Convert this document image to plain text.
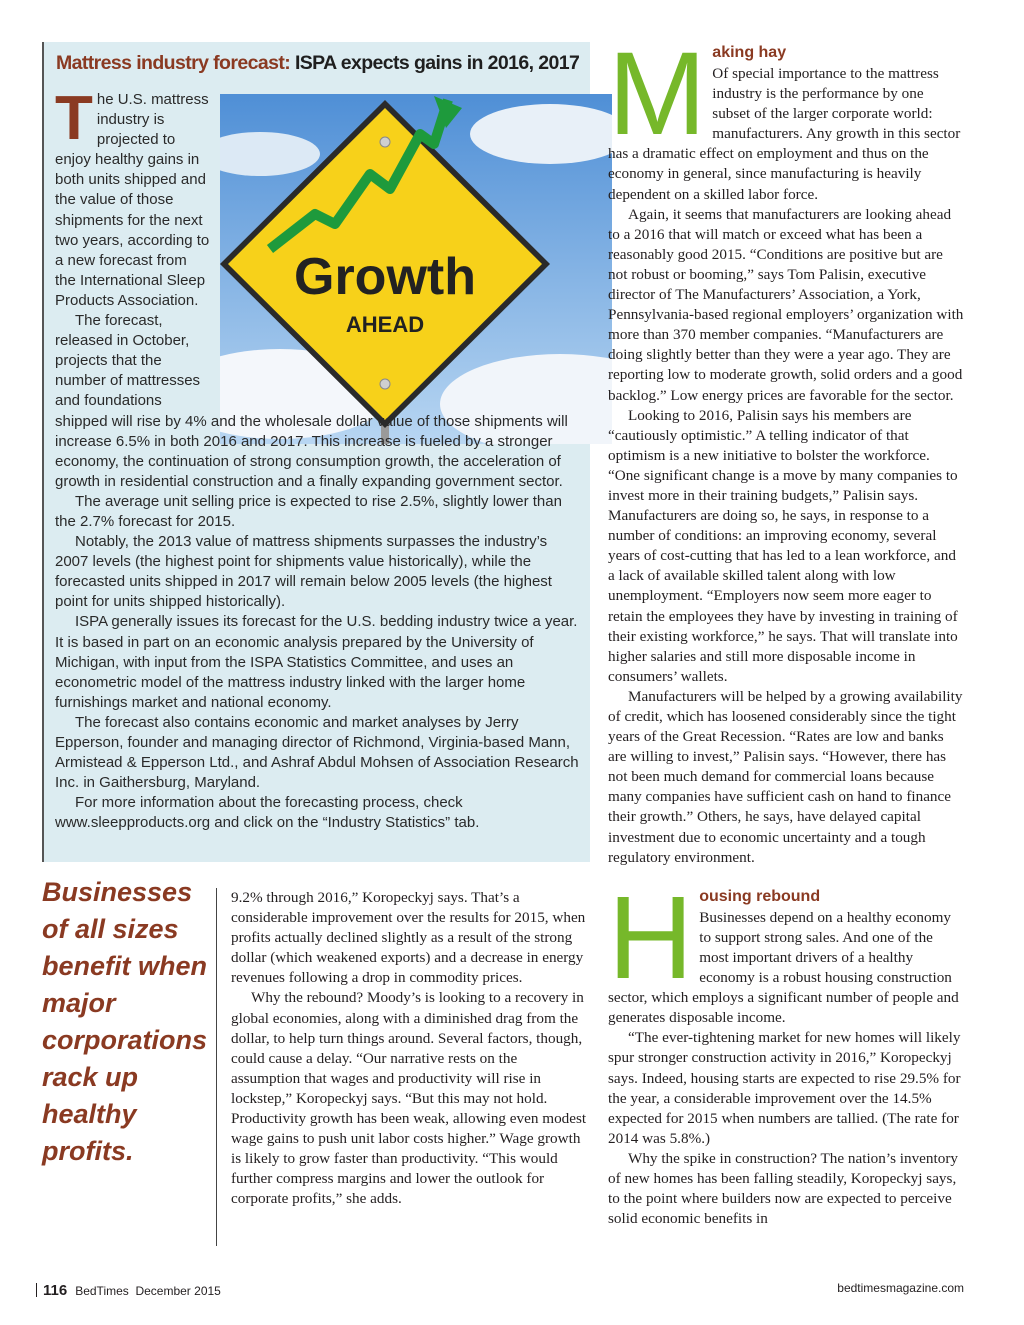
Mattress industry forecast: ISPA expects gains in 2016, 2017
Growth
AHEAD

The U.S. mattress industry is projected to enjoy healthy gains in both units shipped and the value of those shipments for the next two years, according to a new forecast from the International Sleep Products Association.

The forecast, released in October, projects that the number of mattresses and foundations shipped will rise by 4% and the wholesale dollar value of those shipments will increase 6.5% in both 2016 and 2017. This increase is fueled by a stronger economy, the continuation of strong consumption growth, the acceleration of growth in residential construction and a finally expanding government sector.

The average unit selling price is expected to rise 2.5%, slightly lower than the 2.7% forecast for 2015.

Notably, the 2013 value of mattress shipments surpasses the industry’s 2007 levels (the highest point for shipments value historically), while the forecasted units shipped in 2017 will remain below 2005 levels (the highest point for units shipped historically).

ISPA generally issues its forecast for the U.S. bedding industry twice a year. It is based in part on an economic analysis prepared by the University of Michigan, with input from the ISPA Statistics Committee, and uses an econometric model of the mattress industry linked with the larger home furnishings market and national economy.

The forecast also contains economic and market analyses by Jerry Epperson, founder and managing director of Richmond, Virginia-based Mann, Armistead & Epperson Ltd., and Ashraf Abdul Mohsen of Association Research Inc. in Gaithersburg, Maryland.

For more information about the forecasting process, check www.sleepproducts.org and click on the “Industry Statistics” tab.

Businesses of all sizes benefit when major corporations rack up healthy profits.

9.2% through 2016,” Koropeckyj says. That’s a considerable improvement over the results for 2015, when profits actually declined slightly as a result of the strong dollar (which weakened exports) and a decrease in energy revenues following a drop in commodity prices.

Why the rebound? Moody’s is looking to a recovery in global economies, along with a diminished drag from the dollar, to help turn things around. Several factors, though, could cause a delay. “Our narrative rests on the assumption that wages and productivity will rise in lockstep,” Koropeckyj says. “But this may not hold. Productivity growth has been weak, allowing even modest wage gains to push unit labor costs higher.” Wage growth is likely to grow faster than productivity. “This would further compress margins and lower the outlook for corporate profits,” she adds.

M aking hay

Of special importance to the mattress industry is the performance by one subset of the larger corporate world: manufacturers. Any growth in this sector has a dramatic effect on employment and thus on the economy in general, since manufacturing is heavily dependent on a skilled labor force.

Again, it seems that manufacturers are looking ahead to a 2016 that will match or exceed what has been a reasonably good 2015. “Conditions are positive but are not robust or booming,” says Tom Palisin, executive director of The Manufacturers’ Association, a York, Pennsylvania-based regional employers’ organization with more than 370 member companies. “Manufacturers are doing slightly better than they were a year ago. They are reporting low to moderate growth, solid orders and a good backlog.” Low energy prices are favorable for the sector.

Looking to 2016, Palisin says his members are “cautiously optimistic.” A telling indicator of that optimism is a new initiative to bolster the workforce. “One significant change is a move by many companies to invest more in their training budgets,” Palisin says. Manufacturers are doing so, he says, in response to a number of conditions: an improving economy, several years of cost-cutting that has led to a lean workforce, and a lack of available skilled talent along with low unemployment. “Employers now seem more eager to retain the employees they have by investing in training of their existing workforce,” he says. That will translate into higher salaries and still more disposable income in consumers’ wallets.

Manufacturers will be helped by a growing availability of credit, which has loosened considerably since the tight years of the Great Recession. “Rates are low and banks are willing to invest,” Palisin says. “However, there has not been much demand for commercial loans because many companies have sufficient cash on hand to finance their growth.” Others, he says, have delayed capital investment due to economic uncertainty and a tough regulatory environment.

H ousing rebound

Businesses depend on a healthy economy to support strong sales. And one of the most important drivers of a healthy economy is a robust housing construction sector, which employs a significant number of people and generates disposable income.

“The ever-tightening market for new homes will likely spur stronger construction activity in 2016,” Koropeckyj says. Indeed, housing starts are expected to rise 29.5% for the year, a considerable improvement over the 14.5% expected for 2015 when numbers are tallied. (The rate for 2014 was 5.8%.)

Why the spike in construction? The nation’s inventory of new homes has been falling steadily, Koropeckyj says, to the point where builders now are expected to perceive solid economic benefits in

116 BedTimes December 2015	bedtimesmagazine.com
